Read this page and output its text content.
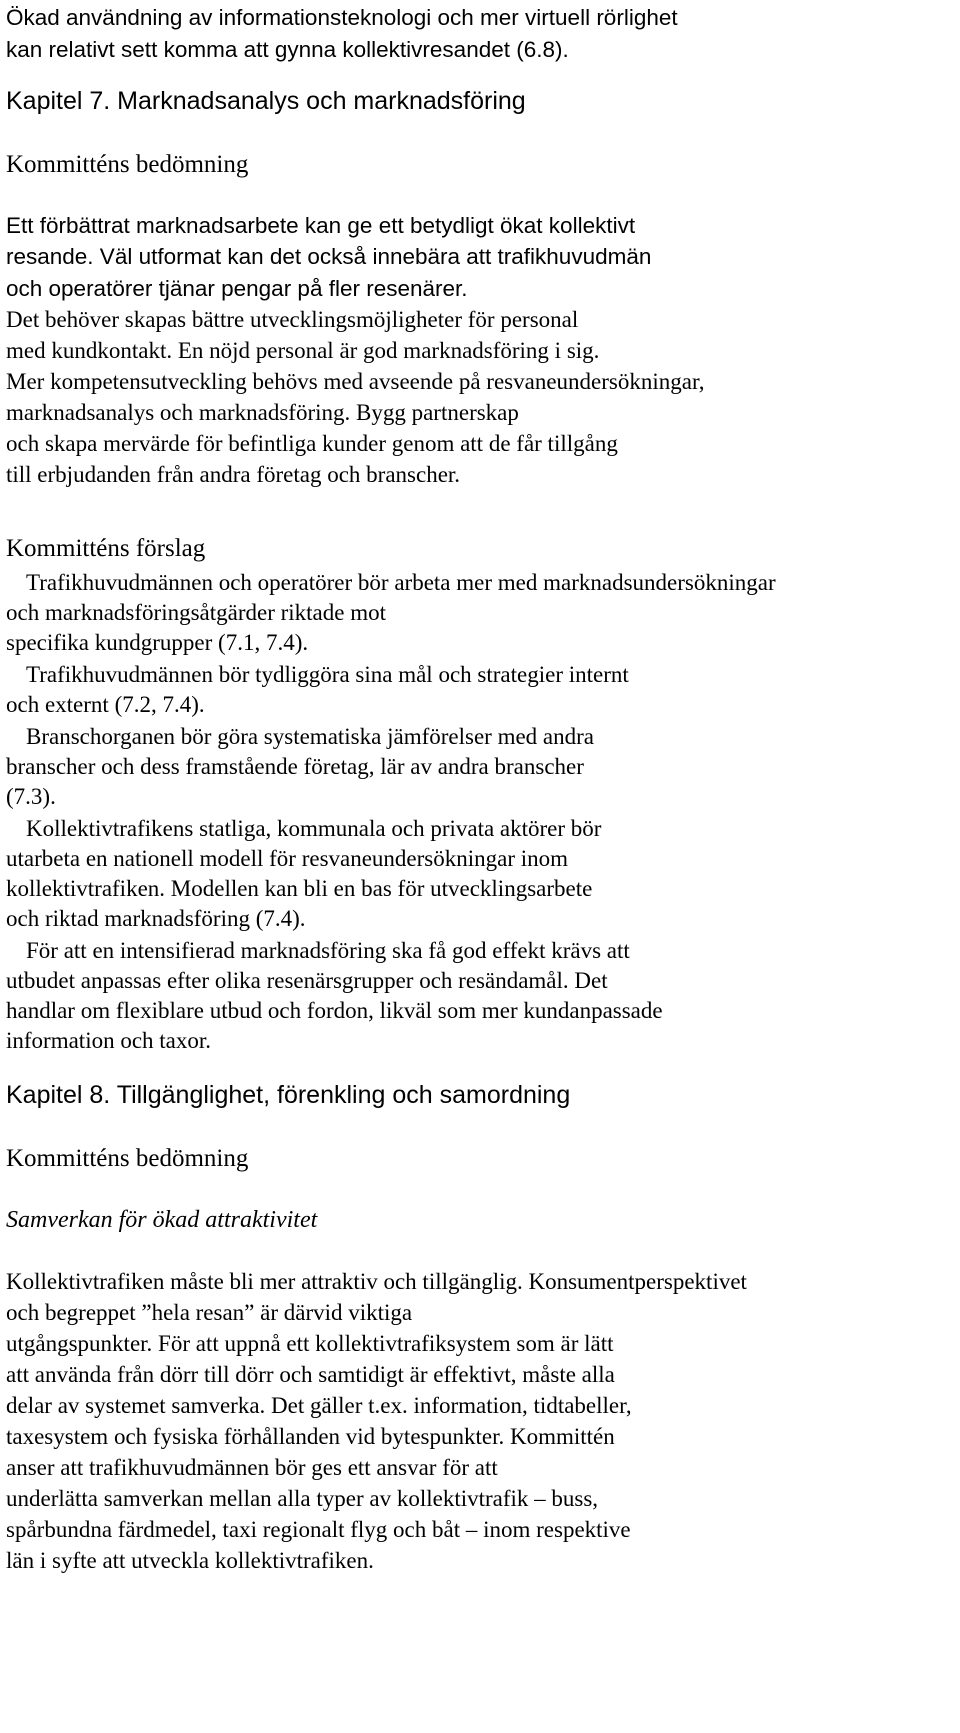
Ökad användning av informationsteknologi och mer virtuell rörlighet

kan relativt sett komma att gynna kollektivresandet (6.8).

Kapitel 7. Marknadsanalys och marknadsföring
Kommitténs bedömning

Ett förbättrat marknadsarbete kan ge ett betydligt ökat kollektivt

resande. Väl utformat kan det också innebära att trafikhuvudmän

och operatörer tjänar pengar på fler resenärer.

Det behöver skapas bättre utvecklingsmöjligheter för personal

med kundkontakt. En nöjd personal är god marknadsföring i sig.

Mer kompetensutveckling behövs med avseende på resvaneundersökningar,

marknadsanalys och marknadsföring. Bygg partnerskap

och skapa mervärde för befintliga kunder genom att de får tillgång

till erbjudanden från andra företag och branscher.

Kommitténs förslag

Trafikhuvudmännen och operatörer bör arbeta mer med marknadsundersökningar

och marknadsföringsåtgärder riktade mot

specifika kundgrupper (7.1, 7.4).

Trafikhuvudmännen bör tydliggöra sina mål och strategier internt

och externt (7.2, 7.4).

Branschorganen bör göra systematiska jämförelser med andra

branscher och dess framstående företag, lär av andra branscher

(7.3).

Kollektivtrafikens statliga, kommunala och privata aktörer bör

utarbeta en nationell modell för resvaneundersökningar inom

kollektivtrafiken. Modellen kan bli en bas för utvecklingsarbete

och riktad marknadsföring (7.4).

För att en intensifierad marknadsföring ska få god effekt krävs att

utbudet anpassas efter olika resenärsgrupper och resändamål. Det

handlar om flexiblare utbud och fordon, likväl som mer kundanpassade

information och taxor.

Kapitel 8. Tillgänglighet, förenkling och samordning
Kommitténs bedömning

Samverkan för ökad attraktivitet

Kollektivtrafiken måste bli mer attraktiv och tillgänglig. Konsumentperspektivet

och begreppet ”hela resan” är därvid viktiga

utgångspunkter. För att uppnå ett kollektivtrafiksystem som är lätt

att använda från dörr till dörr och samtidigt är effektivt, måste alla

delar av systemet samverka. Det gäller t.ex. information, tidtabeller,

taxesystem och fysiska förhållanden vid bytespunkter. Kommittén

anser att trafikhuvudmännen bör ges ett ansvar för att

underlätta samverkan mellan alla typer av kollektivtrafik – buss,

spårbundna färdmedel, taxi regionalt flyg och båt – inom respektive

län i syfte att utveckla kollektivtrafiken.
